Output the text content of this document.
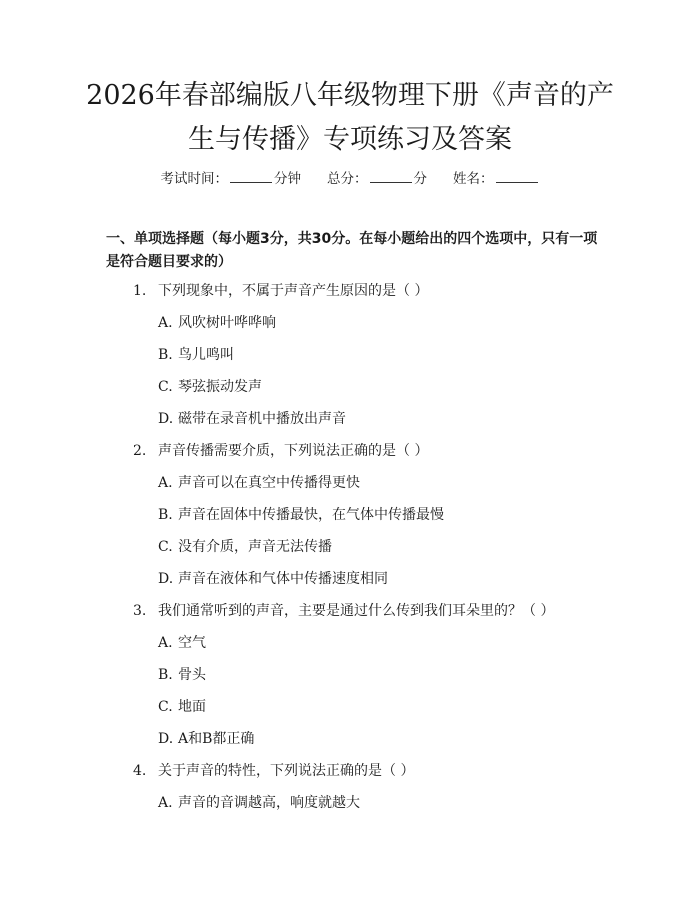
2026年春部编版八年级物理下册《声音的产
生与传播》专项练习及答案
考试时间：	分钟 总分：	分 姓名：
一、单项选择题（每小题3分，共30分。在每小题给出的四个选项中，只有一项是符合题目要求的）
1. 下列现象中，不属于声音产生原因的是（ ）
A. 风吹树叶哗哗响
B. 鸟儿鸣叫
C. 琴弦振动发声
D. 磁带在录音机中播放出声音
2. 声音传播需要介质，下列说法正确的是（ ）
A. 声音可以在真空中传播得更快
B. 声音在固体中传播最快，在气体中传播最慢
C. 没有介质，声音无法传播
D. 声音在液体和气体中传播速度相同
3. 我们通常听到的声音，主要是通过什么传到我们耳朵里的？（ ）
A. 空气
B. 骨头
C. 地面
D. A和B都正确
4. 关于声音的特性，下列说法正确的是（ ）
A. 声音的音调越高，响度就越大
